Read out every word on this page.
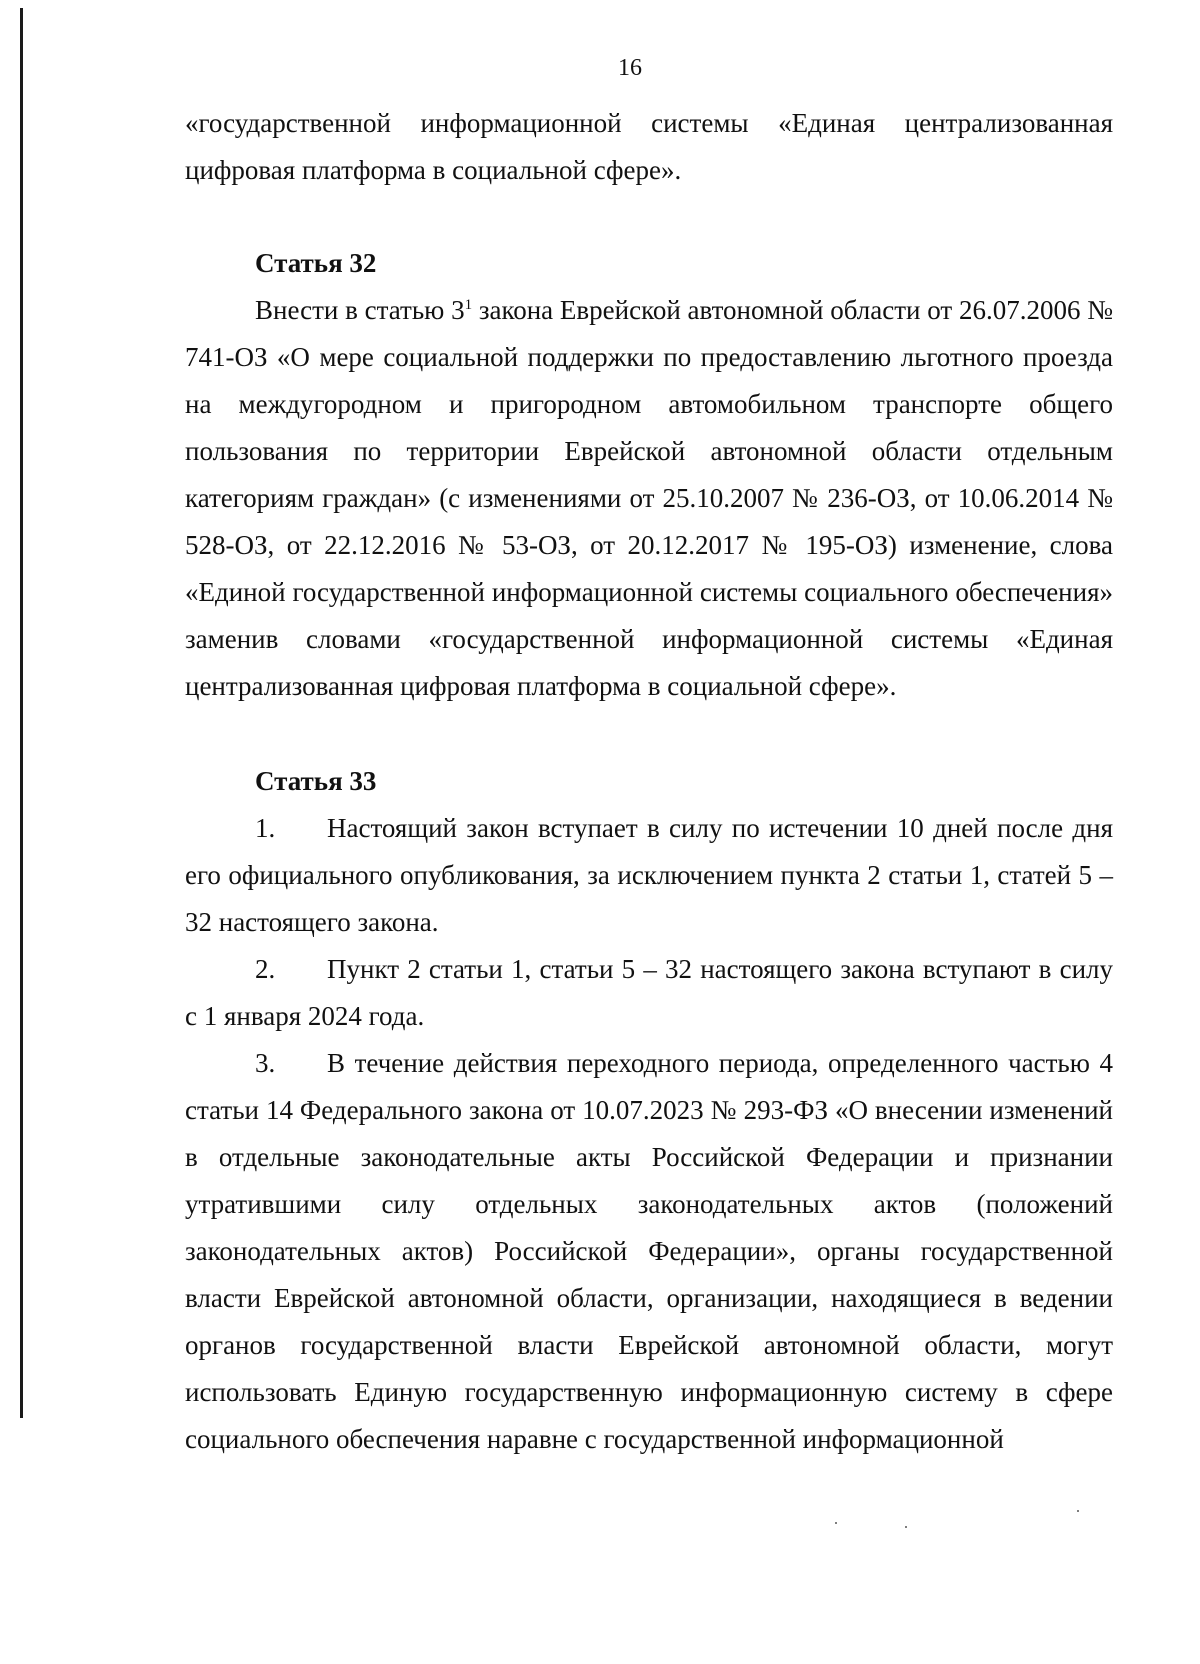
16

«государственной информационной системы «Единая централизованная цифровая платформа в социальной сфере».

Статья 32

Внести в статью $3^1$ закона Еврейской автономной области от 26.07.2006 № 741-ОЗ «О мере социальной поддержки по предоставлению льготного проезда на междугородном и пригородном автомобильном транспорте общего пользования по территории Еврейской автономной области отдельным категориям граждан» (с изменениями от 25.10.2007 № 236-ОЗ, от 10.06.2014 № 528-ОЗ, от 22.12.2016 № 53-ОЗ, от 20.12.2017 № 195-ОЗ) изменение, слова «Единой государственной информационной системы социального обеспечения» заменив словами «государственной информационной системы «Единая централизованная цифровая платформа в социальной сфере».

Статья 33

1. Настоящий закон вступает в силу по истечении 10 дней после дня его официального опубликования, за исключением пункта 2 статьи 1, статей 5 – 32 настоящего закона.

2. Пункт 2 статьи 1, статьи 5 – 32 настоящего закона вступают в силу с 1 января 2024 года.

3. В течение действия переходного периода, определенного частью 4 статьи 14 Федерального закона от 10.07.2023 № 293-ФЗ «О внесении изменений в отдельные законодательные акты Российской Федерации и признании утратившими силу отдельных законодательных актов (положений законодательных актов) Российской Федерации», органы государственной власти Еврейской автономной области, организации, находящиеся в ведении органов государственной власти Еврейской автономной области, могут использовать Единую государственную информационную систему в сфере социального обеспечения наравне с государственной информационной
